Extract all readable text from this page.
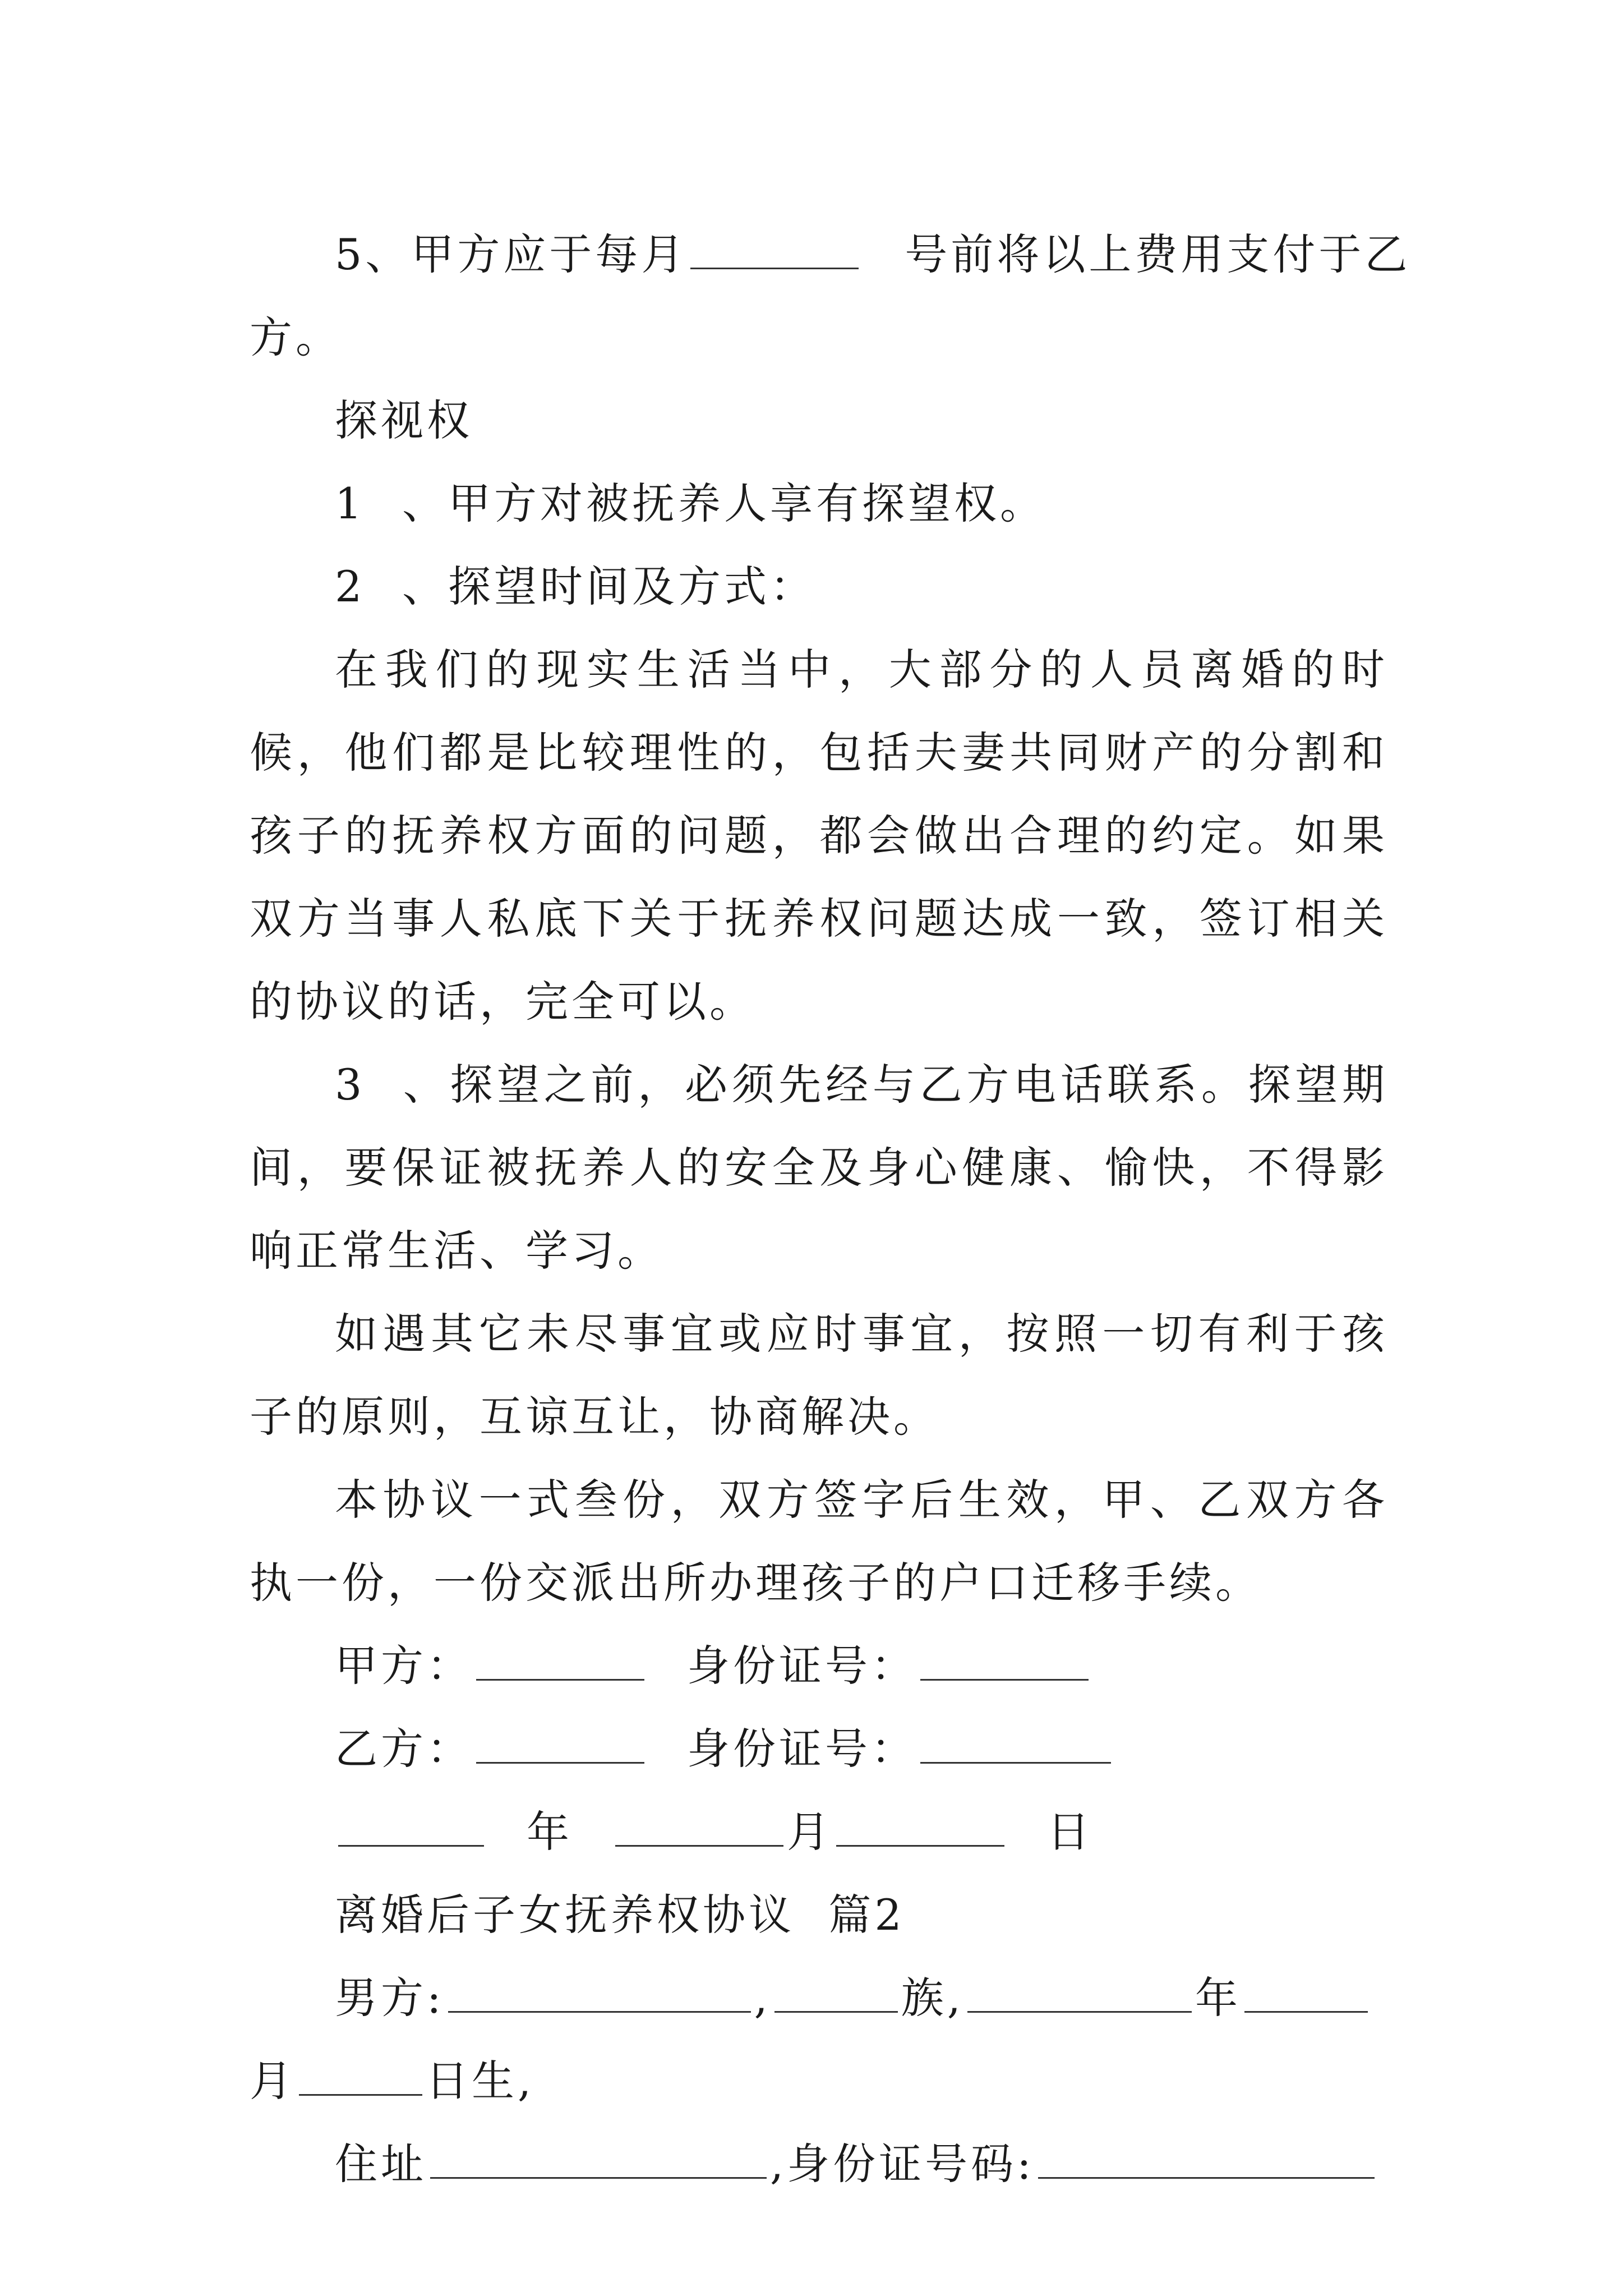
5、甲方应于每月	号前将以上费用支付于乙
方。
探视权
1 、甲方对被抚养人享有探望权。
2 、探望时间及方式：

在我们的现实生活当中，大部分的人员离婚的时候，他们都是比较理性的，包括夫妻共同财产的分割和孩子的抚养权方面的问题，都会做出合理的约定。如果双方当事人私底下关于抚养权问题达成一致，签订相关的协议的话，完全可以。

3 、探望之前，必须先经与乙方电话联系。探望期间，要保证被抚养人的安全及身心健康、愉快，不得影响正常生活、学习。

如遇其它未尽事宜或应时事宜，按照一切有利于孩子的原则，互谅互让，协商解决。

本协议一式叁份，双方签字后生效，甲、乙双方各执一份，一份交派出所办理孩子的户口迁移手续。

甲方：	身份证号：
乙方：	身份证号：
年	月	日
离婚后子女抚养权协议  篇2
男方:	,	族,	年
月	日生,
住址	,身份证号码:
